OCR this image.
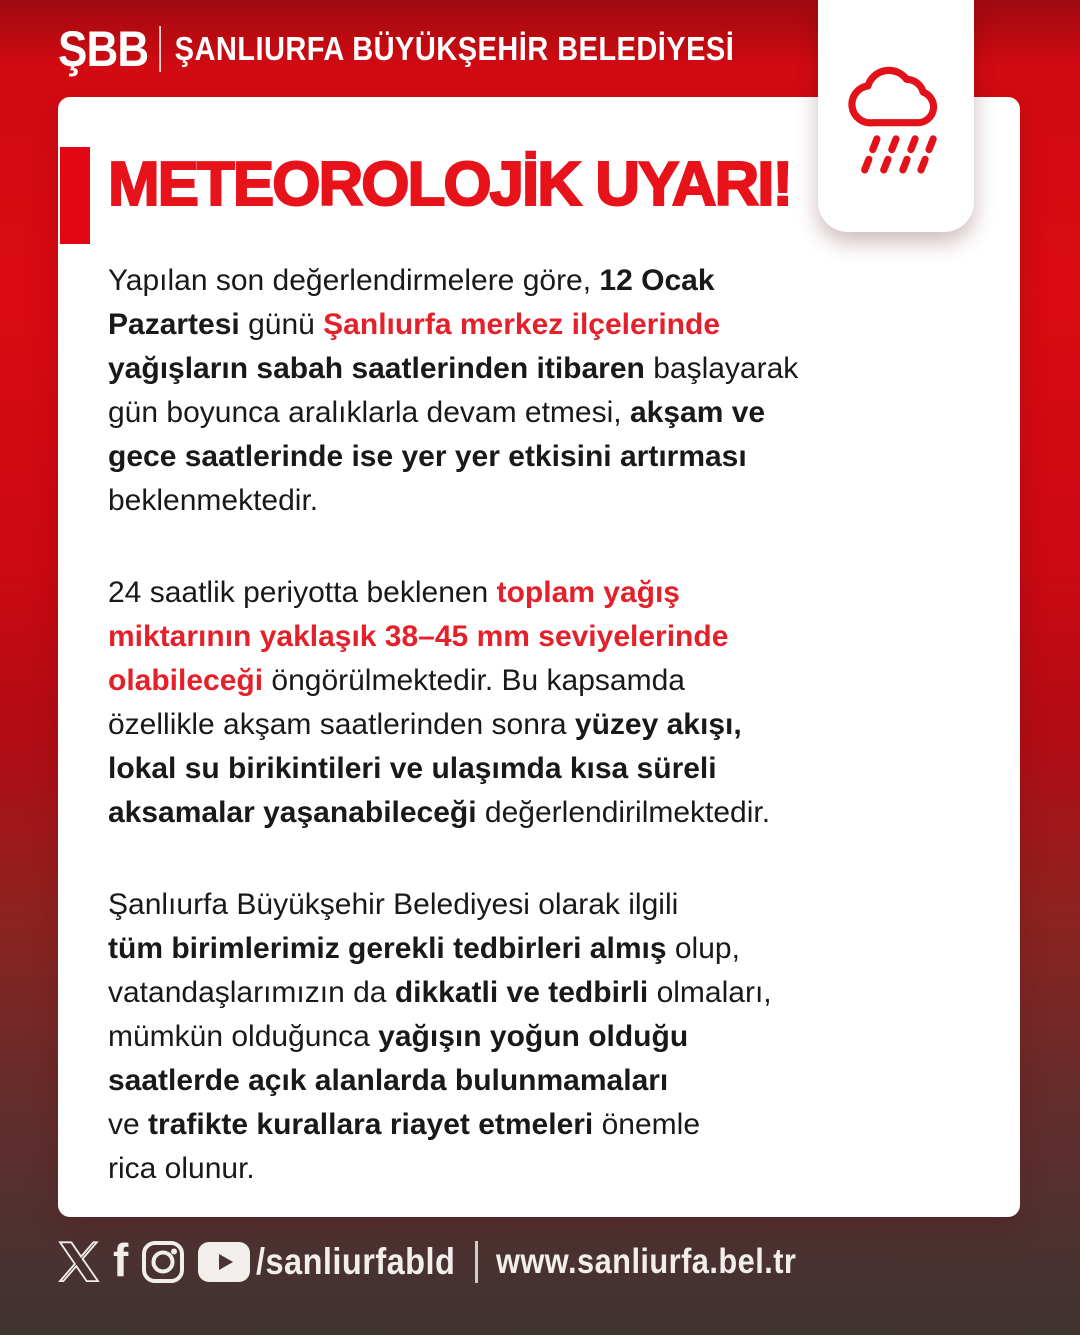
ŞBB ŞANLIURFA BÜYÜKŞEHİR BELEDİYESİ
METEOROLOJİK UYARI!
Yapılan son değerlendirmelere göre, 12 Ocak
Pazartesi günü Şanlıurfa merkez ilçelerinde
yağışların sabah saatlerinden itibaren başlayarak
gün boyunca aralıklarla devam etmesi, akşam ve
gece saatlerinde ise yer yer etkisini artırması
beklenmektedir.
24 saatlik periyotta beklenen toplam yağış
miktarının yaklaşık 38–45 mm seviyelerinde
olabileceği öngörülmektedir. Bu kapsamda
özellikle akşam saatlerinden sonra yüzey akışı,
lokal su birikintileri ve ulaşımda kısa süreli
aksamalar yaşanabileceği değerlendirilmektedir.
Şanlıurfa Büyükşehir Belediyesi olarak ilgili
tüm birimlerimiz gerekli tedbirleri almış olup,
vatandaşlarımızın da dikkatli ve tedbirli olmaları,
mümkün olduğunca yağışın yoğun olduğu
saatlerde açık alanlarda bulunmamaları
ve trafikte kurallara riayet etmeleri önemle
rica olunur.
f	/sanliurfabld www.sanliurfa.bel.tr
